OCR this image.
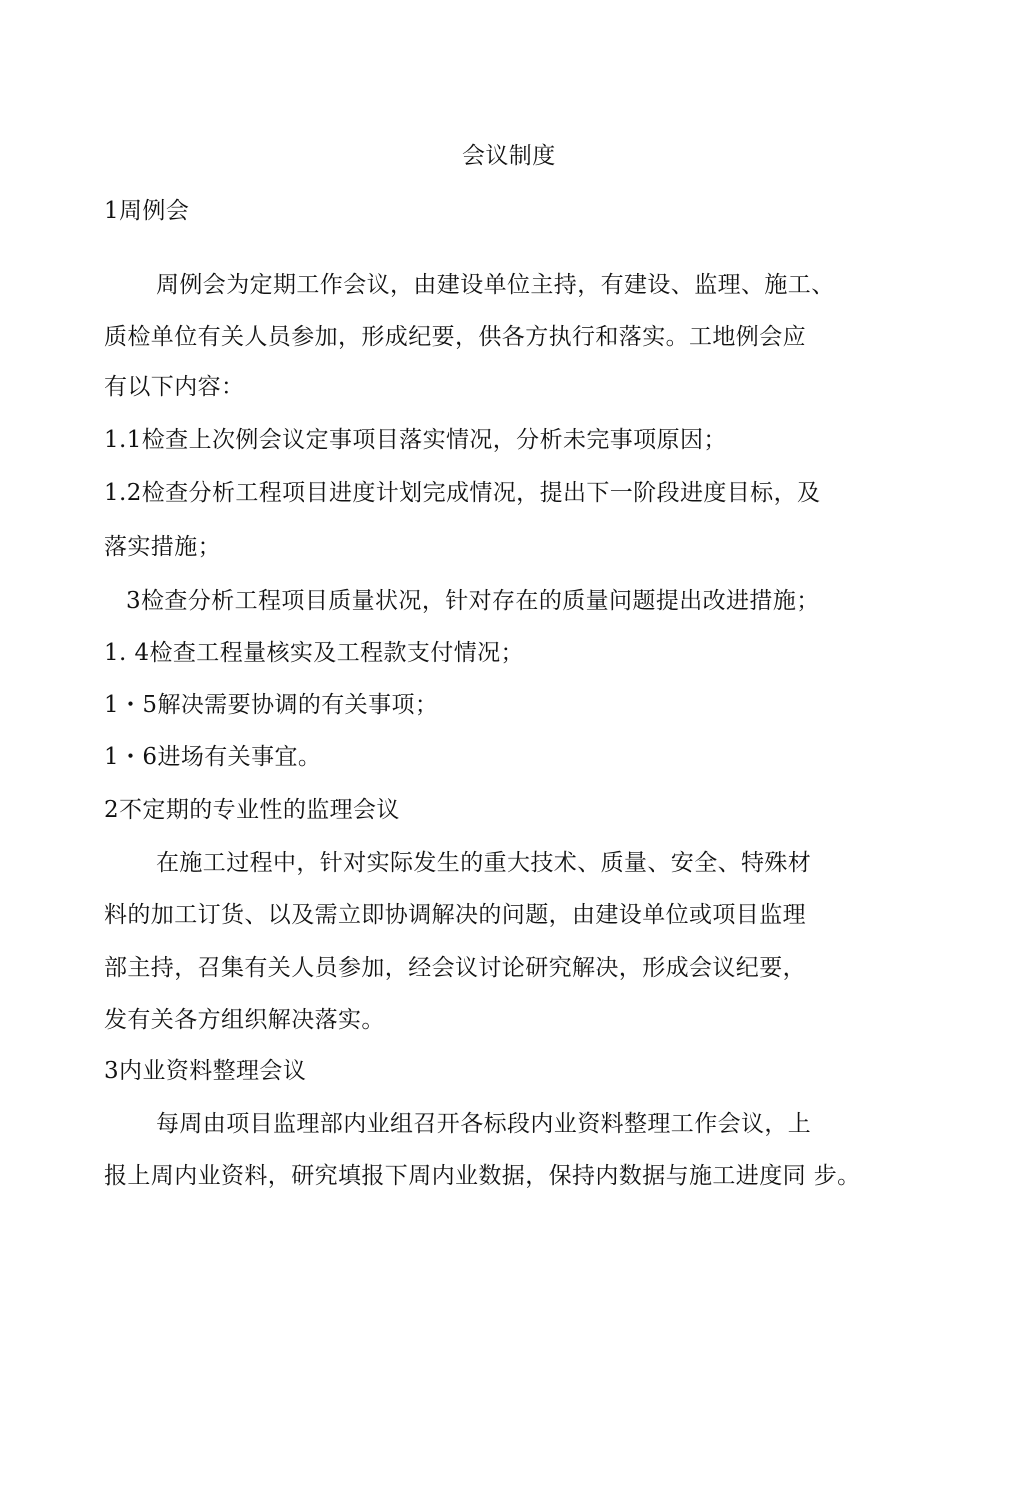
会议制度
1周例会
周例会为定期工作会议，由建设单位主持，有建设、监理、施工、
质检单位有关人员参加，形成纪要，供各方执行和落实。工地例会应
有以下内容：
1.1检查上次例会议定事项目落实情况，分析未完事项原因；
1.2检查分析工程项目进度计划完成情况，提出下一阶段进度目标，及
落实措施；
3检查分析工程项目质量状况，针对存在的质量问题提出改进措施；
1. 4检查工程量核实及工程款支付情况；
1・5解决需要协调的有关事项；
1・6进场有关事宜。
2不定期的专业性的监理会议
在施工过程中，针对实际发生的重大技术、质量、安全、特殊材
料的加工订货、以及需立即协调解决的问题，由建设单位或项目监理
部主持，召集有关人员参加，经会议讨论研究解决，形成会议纪要，
发有关各方组织解决落实。
3内业资料整理会议
每周由项目监理部内业组召开各标段内业资料整理工作会议，上
报上周内业资料，研究填报下周内业数据，保持内数据与施工进度同 步。
